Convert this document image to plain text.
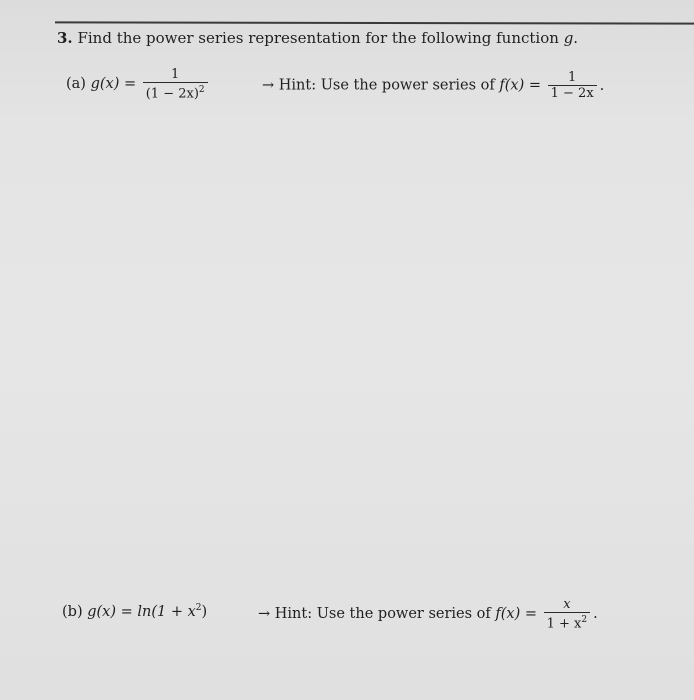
3. Find the power series representation for the following function g.
(a) $g(x) = \frac{1}{(1 - 2x)^2}$	→ Hint: Use the power series of $f(x) = \frac{1}{1 - 2x}$ .
(b) $g(x) = \ln(1 + x^2)$	→ Hint: Use the power series of $f(x) = \frac{x}{1 + x^2}$ .
